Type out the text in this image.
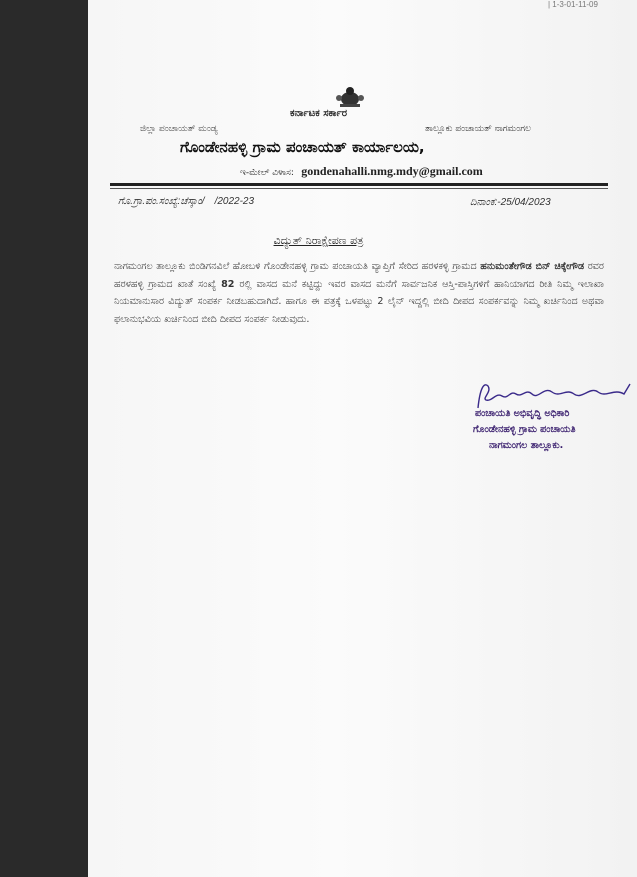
| 1-3-01-11-09
ಕರ್ನಾಟಕ ಸರ್ಕಾರ
ಜಿಲ್ಲಾ ಪಂಚಾಯತ್ ಮಂಡ್ಯ	ತಾಲ್ಲೂಕು ಪಂಚಾಯತ್ ನಾಗಮಂಗಲ
ಗೊಂಡೇನಹಳ್ಳಿ ಗ್ರಾಮ ಪಂಚಾಯತ್ ಕಾರ್ಯಾಲಯ,
ಇ-ಮೇಲ್ ವಿಳಾಸ: gondenahalli.nmg.mdy@gmail.com
ಗೊ.ಗ್ರಾ.ಪಂ.ಸಂಖ್ಯೆ:ಚೆಸ್ಕಾಂ/ /2022-23	ದಿನಾಂಕ:-25/04/2023
ವಿದ್ಯುತ್ ನಿರಾಕ್ಷೇಪಣ ಪತ್ರ

ನಾಗಮಂಗಲ ತಾಲ್ಲೂಕು ಬಿಂಡಿಗನವಿಲೆ ಹೋಬಳಿ ಗೊಂಡೇನಹಳ್ಳಿ ಗ್ರಾಮ ಪಂಚಾಯತಿ ವ್ಯಾಪ್ತಿಗೆ ಸೇರಿದ ಹರಳಕಳ್ಳಿ ಗ್ರಾಮದ ಹನುಮಂತೇಗೌಡ ಬಿನ್ ಚಿಕ್ಕೇಗೌಡ ರವರ ಹರಳಹಳ್ಳಿ ಗ್ರಾಮದ ಖಾತೆ ಸಂಖ್ಯೆ 82 ರಲ್ಲಿ ವಾಸದ ಮನೆ ಕಟ್ಟಿದ್ದು ಇವರ ವಾಸದ ಮನೆಗೆ ಸಾರ್ವಜನಿಕ ಆಸ್ತಿ-ಪಾಸ್ತಿಗಳಿಗೆ ಹಾನಿಯಾಗದ ರೀತಿ ನಿಮ್ಮ ಇಲಾಖಾ ನಿಯಮಾನುಸಾರ ವಿದ್ಯುತ್ ಸಂಪರ್ಕ ನೀಡಬಹುದಾಗಿದೆ. ಹಾಗೂ ಈ ಪತ್ರಕ್ಕೆ ಒಳಪಟ್ಟು 2 ಲೈನ್ ಇದ್ದಲ್ಲಿ ಬೀದಿ ದೀಪದ ಸಂಪರ್ಕವನ್ನು ನಿಮ್ಮ ಖರ್ಚಿನಿಂದ ಅಥವಾ ಫಲಾನುಭವಿಯ ಖರ್ಚಿನಿಂದ ಬೀದಿ ದೀಪದ ಸಂಪರ್ಕ ನೀಡುವುದು.

ಪಂಚಾಯತಿ ಅಭಿವೃದ್ಧಿ ಅಧಿಕಾರಿ
ಗೊಂಡೇನಹಳ್ಳಿ ಗ್ರಾಮ ಪಂಚಾಯತಿ
ನಾಗಮಂಗಲ ತಾಲ್ಲೂಕು.
